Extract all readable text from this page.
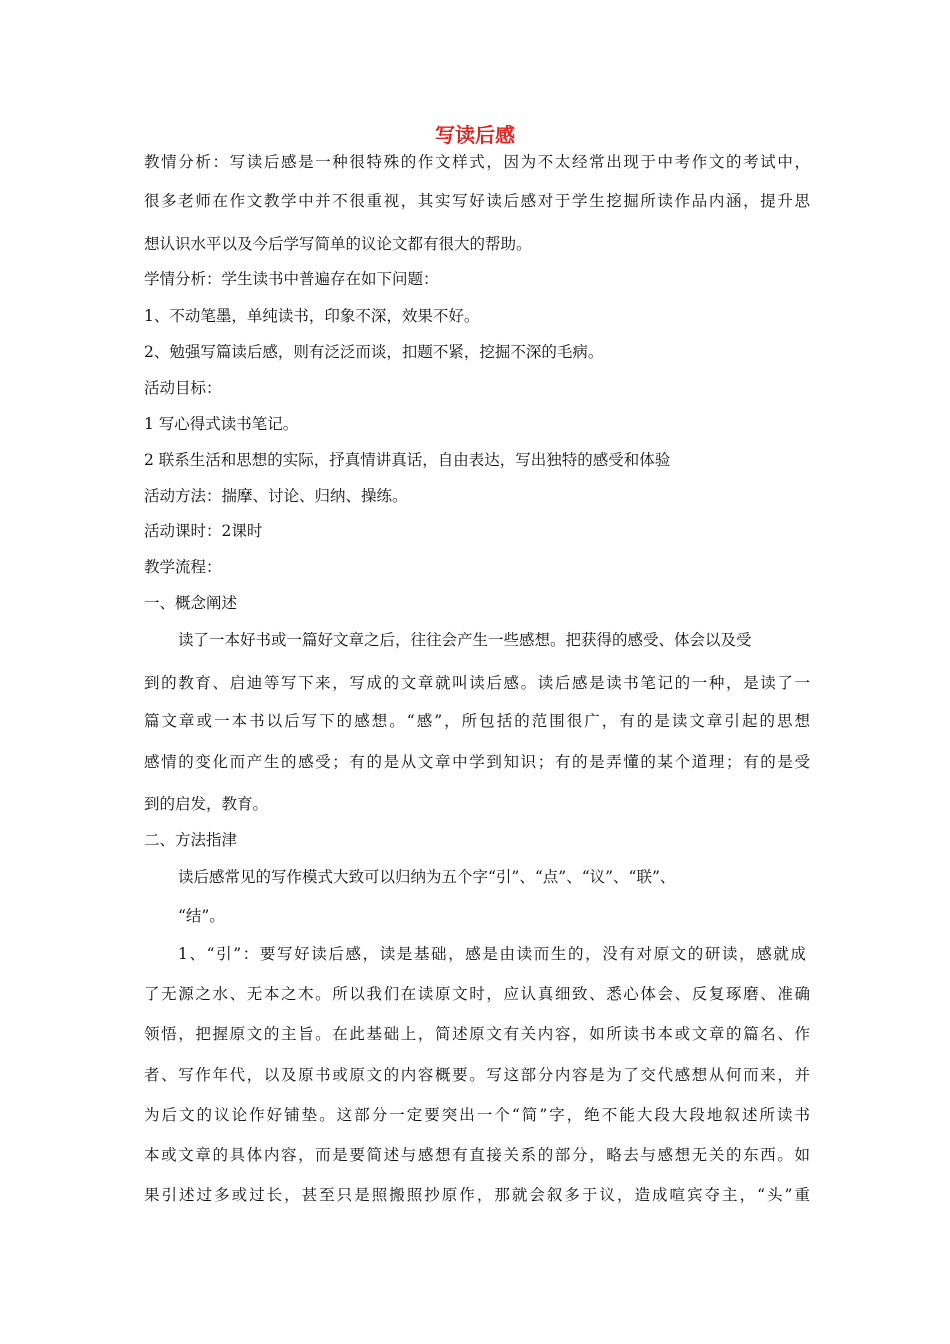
写读后感
教情分析：写读后感是一种很特殊的作文样式，因为不太经常出现于中考作文的考试中，
很多老师在作文教学中并不很重视，其实写好读后感对于学生挖掘所读作品内涵，提升思
想认识水平以及今后学写简单的议论文都有很大的帮助。
学情分析：学生读书中普遍存在如下问题：
1、不动笔墨，单纯读书，印象不深，效果不好。
2、勉强写篇读后感，则有泛泛而谈，扣题不紧，挖掘不深的毛病。
活动目标：
1 写心得式读书笔记。
2 联系生活和思想的实际，抒真情讲真话，自由表达，写出独特的感受和体验
活动方法：揣摩、讨论、归纳、操练。
活动课时：2课时
教学流程：
一、概念阐述
读了一本好书或一篇好文章之后，往往会产生一些感想。把获得的感受、体会以及受
到的教育、启迪等写下来，写成的文章就叫读后感。读后感是读书笔记的一种，是读了一
篇文章或一本书以后写下的感想。“感”，所包括的范围很广，有的是读文章引起的思想
感情的变化而产生的感受；有的是从文章中学到知识；有的是弄懂的某个道理；有的是受
到的启发，教育。
二、方法指津
读后感常见的写作模式大致可以归纳为五个字“引”、“点”、“议”、“联”、
“结”。
1、“引”：要写好读后感，读是基础，感是由读而生的，没有对原文的研读，感就成
了无源之水、无本之木。所以我们在读原文时，应认真细致、悉心体会、反复琢磨、准确
领悟，把握原文的主旨。在此基础上，简述原文有关内容，如所读书本或文章的篇名、作
者、写作年代，以及原书或原文的内容概要。写这部分内容是为了交代感想从何而来，并
为后文的议论作好铺垫。这部分一定要突出一个“简”字，绝不能大段大段地叙述所读书
本或文章的具体内容，而是要简述与感想有直接关系的部分，略去与感想无关的东西。如
果引述过多或过长，甚至只是照搬照抄原作，那就会叙多于议，造成喧宾夺主，“头”重
